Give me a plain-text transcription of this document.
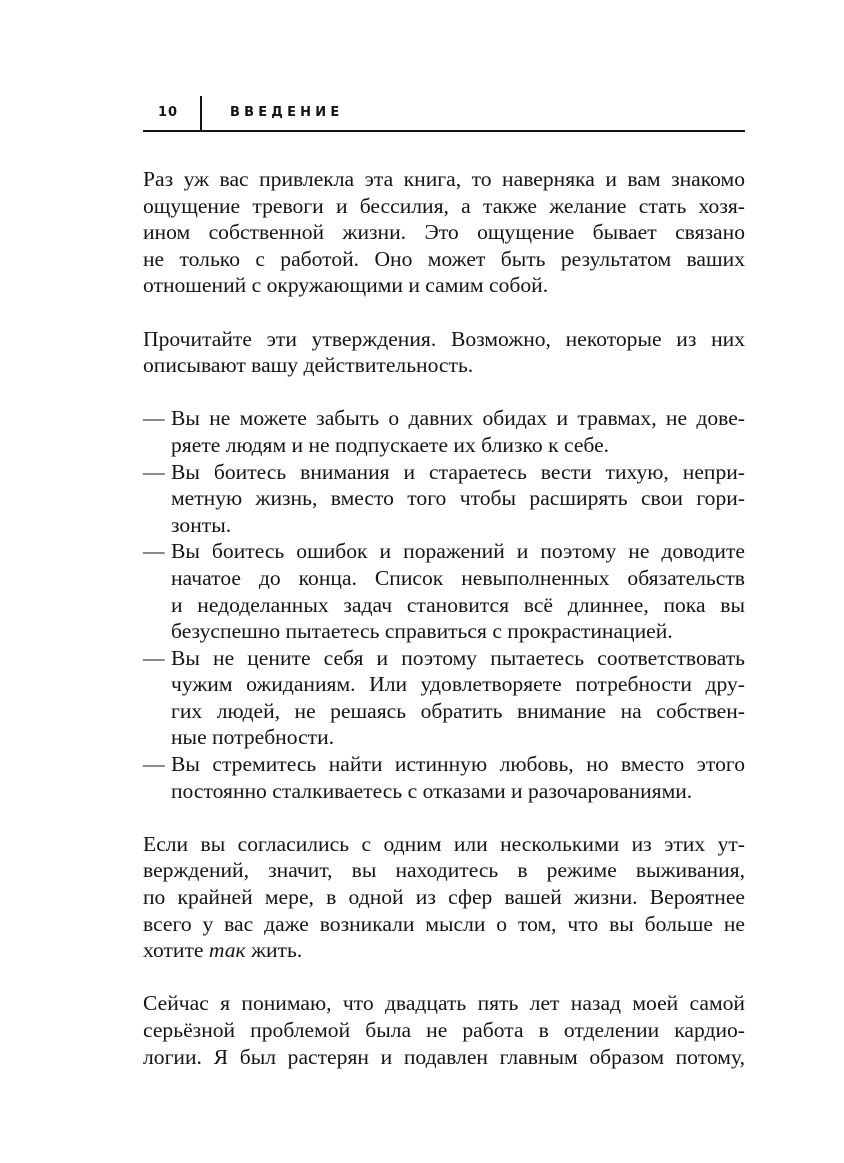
10	ВВЕДЕНИЕ

Раз уж вас привлекла эта книга, то наверняка и вам знакомо
ощущение тревоги и бессилия, а также желание стать хозя-
ином собственной жизни. Это ощущение бывает связано
не только с работой. Оно может быть результатом ваших
отношений с окружающими и самим собой.

Прочитайте эти утверждения. Возможно, некоторые из них
описывают вашу действительность.

— Вы не можете забыть о давних обидах и травмах, не дове-
ряете людям и не подпускаете их близко к себе.
— Вы боитесь внимания и стараетесь вести тихую, непри-
метную жизнь, вместо того чтобы расширять свои гори-
зонты.
— Вы боитесь ошибок и поражений и поэтому не доводите
начатое до конца. Список невыполненных обязательств
и недоделанных задач становится всё длиннее, пока вы
безуспешно пытаетесь справиться с прокрастинацией.
— Вы не цените себя и поэтому пытаетесь соответствовать
чужим ожиданиям. Или удовлетворяете потребности дру-
гих людей, не решаясь обратить внимание на собствен-
ные потребности.
— Вы стремитесь найти истинную любовь, но вместо этого
постоянно сталкиваетесь с отказами и разочарованиями.

Если вы согласились с одним или несколькими из этих ут-
верждений, значит, вы находитесь в режиме выживания,
по крайней мере, в одной из сфер вашей жизни. Вероятнее
всего у вас даже возникали мысли о том, что вы больше не
хотите так жить.

Сейчас я понимаю, что двадцать пять лет назад моей самой
серьёзной проблемой была не работа в отделении кардио-
логии. Я был растерян и подавлен главным образом потому,
